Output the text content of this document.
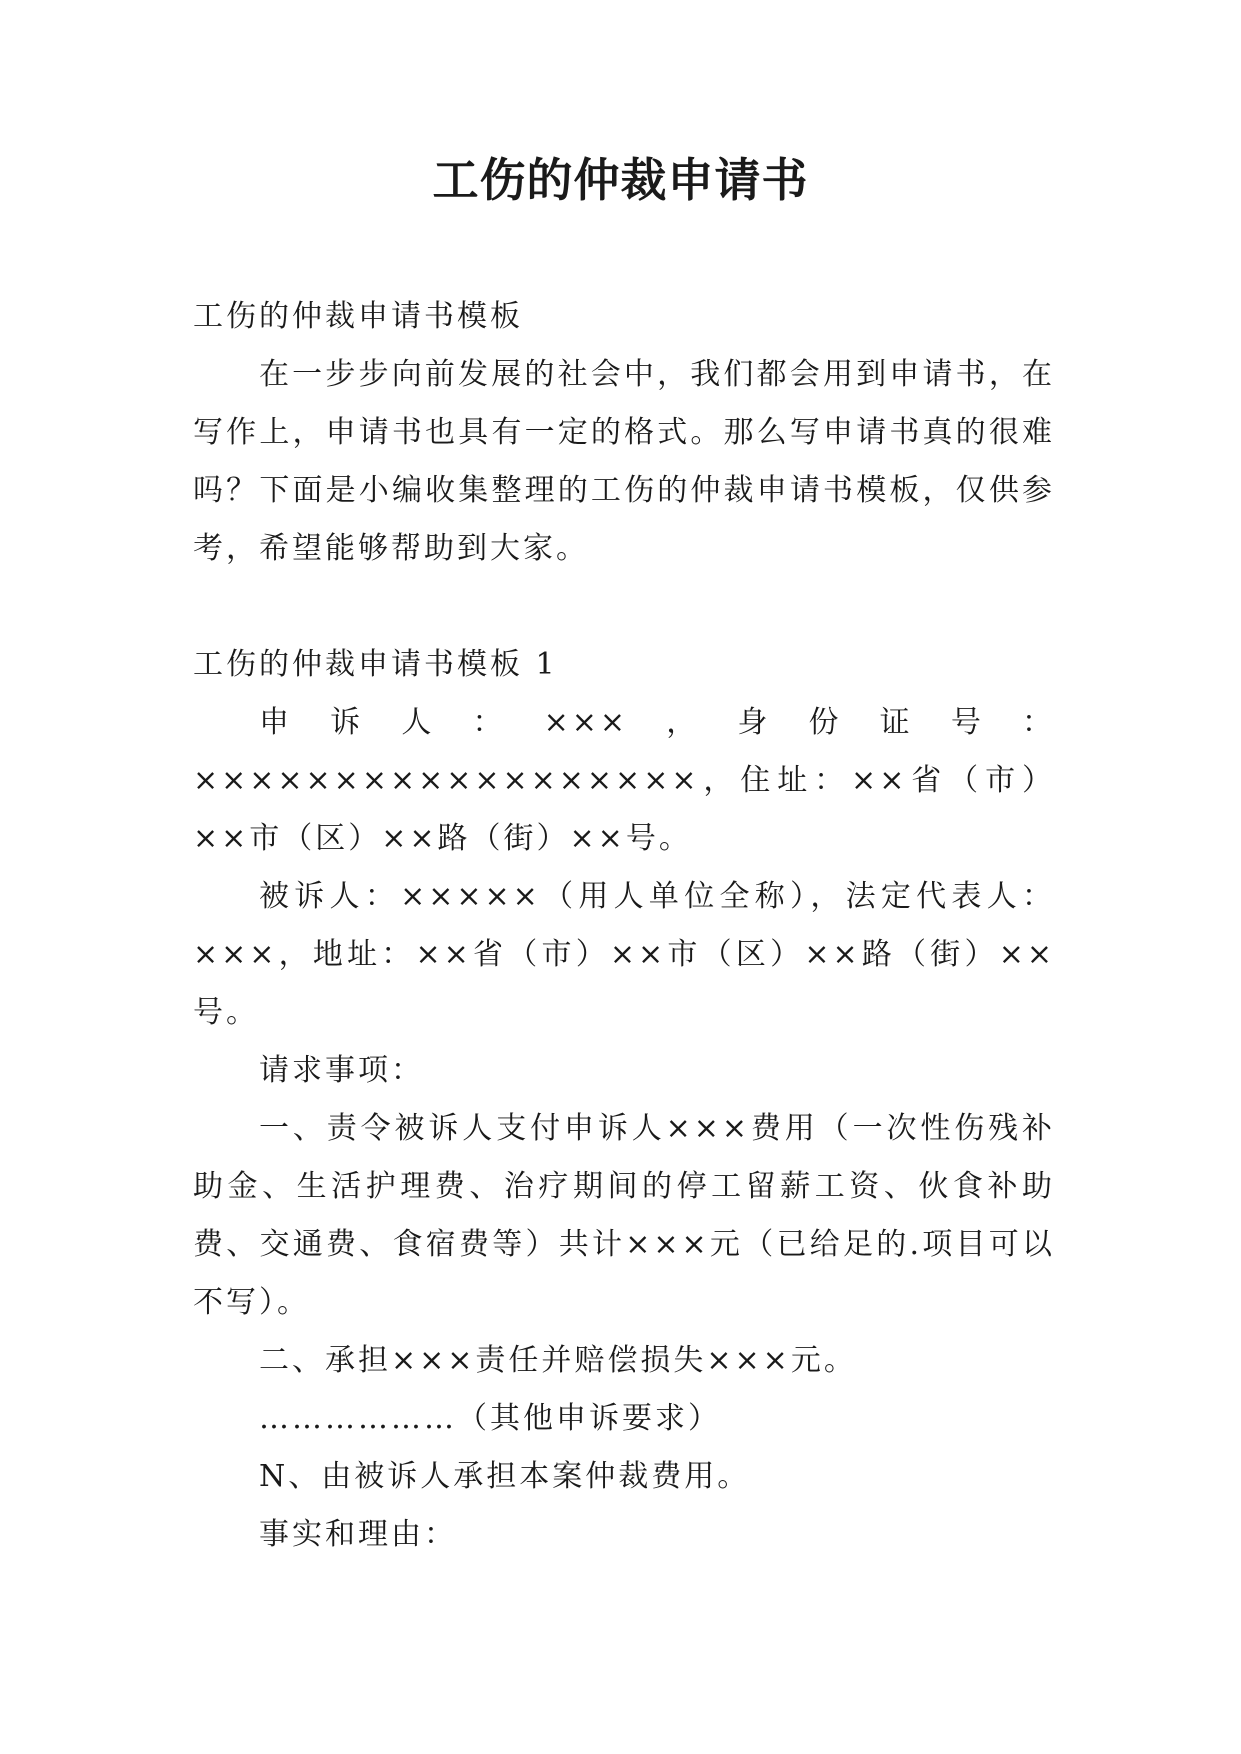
工伤的仲裁申请书

工伤的仲裁申请书模板

在一步步向前发展的社会中，我们都会用到申请书，在写作上，申请书也具有一定的格式。那么写申请书真的很难吗？下面是小编收集整理的工伤的仲裁申请书模板，仅供参考，希望能够帮助到大家。

工伤的仲裁申请书模板 1

申诉人：×××，身份证号：××××××××××××××××××，住址：××省（市）××市（区）××路（街）××号。

被诉人：×××××（用人单位全称），法定代表人：×××，地址：××省（市）××市（区）××路（街）××号。

请求事项：

一、责令被诉人支付申诉人×××费用（一次性伤残补助金、生活护理费、治疗期间的停工留薪工资、伙食补助费、交通费、食宿费等）共计×××元（已给足的.项目可以不写）。

二、承担×××责任并赔偿损失×××元。

………………（其他申诉要求）

N、由被诉人承担本案仲裁费用。

事实和理由：
